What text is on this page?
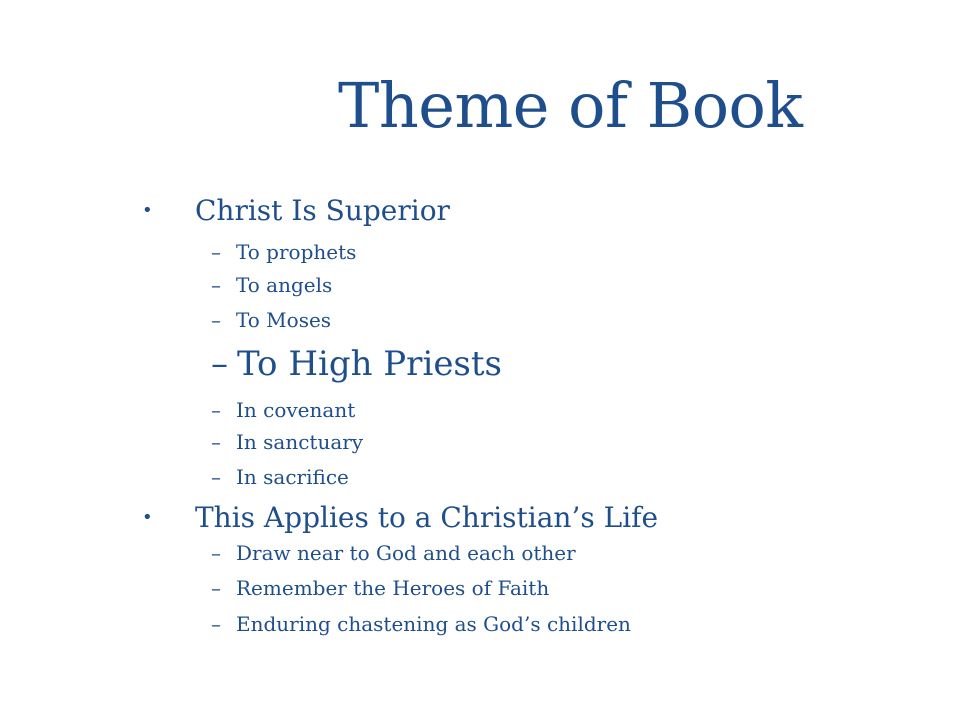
Theme of Book
• Christ Is Superior
– To prophets
– To angels
– To Moses
– To High Priests
– In covenant
– In sanctuary
– In sacrifice
• This Applies to a Christian’s Life
– Draw near to God and each other
– Remember the Heroes of Faith
– Enduring chastening as God’s children
